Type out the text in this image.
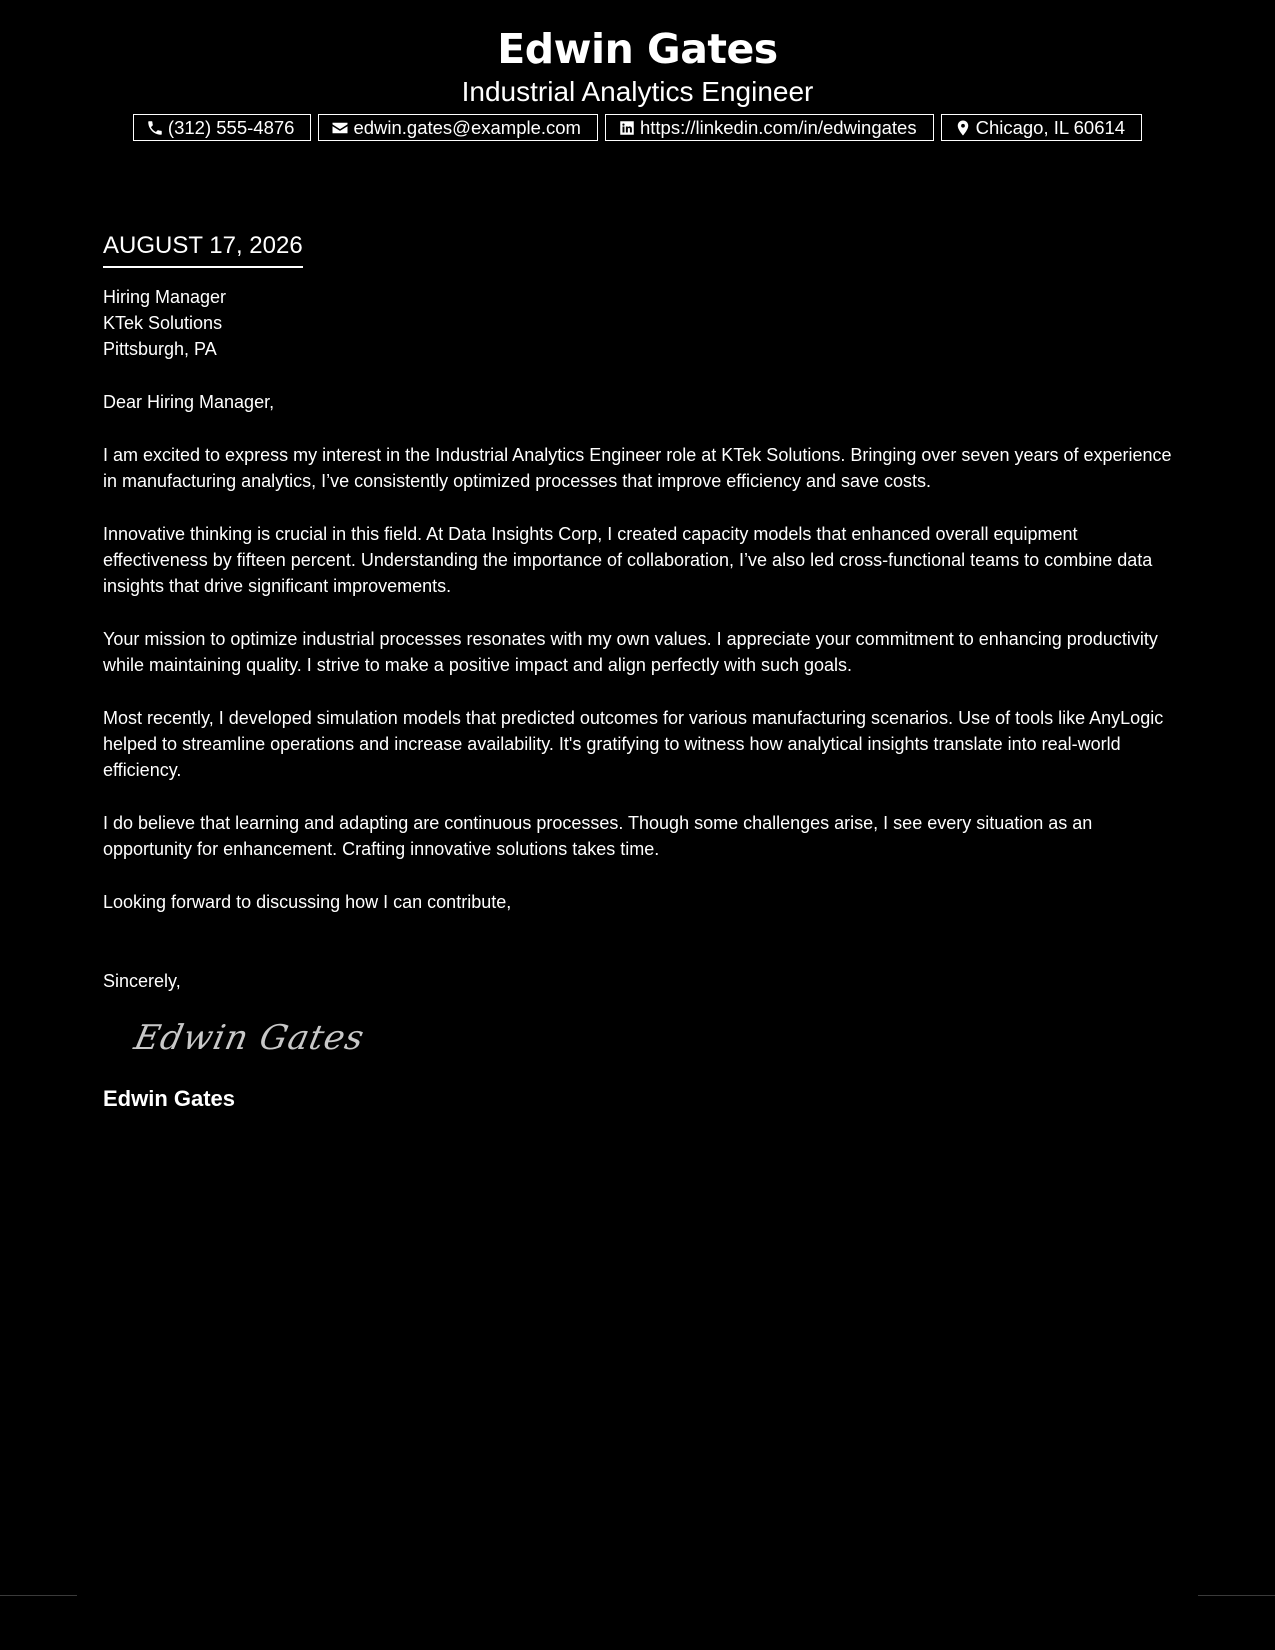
Edwin Gates
Industrial Analytics Engineer
(312) 555-4876	edwin.gates@example.com	https://linkedin.com/in/edwingates	Chicago, IL 60614
AUGUST 17, 2026
Hiring Manager
KTek Solutions
Pittsburgh, PA
Dear Hiring Manager,

I am excited to express my interest in the Industrial Analytics Engineer role at KTek Solutions. Bringing over seven years of experience in manufacturing analytics, I’ve consistently optimized processes that improve efficiency and save costs.

Innovative thinking is crucial in this field. At Data Insights Corp, I created capacity models that enhanced overall equipment effectiveness by fifteen percent. Understanding the importance of collaboration, I’ve also led cross-functional teams to combine data insights that drive significant improvements.

Your mission to optimize industrial processes resonates with my own values. I appreciate your commitment to enhancing productivity while maintaining quality. I strive to make a positive impact and align perfectly with such goals.

Most recently, I developed simulation models that predicted outcomes for various manufacturing scenarios. Use of tools like AnyLogic helped to streamline operations and increase availability. It's gratifying to witness how analytical insights translate into real-world efficiency.

I do believe that learning and adapting are continuous processes. Though some challenges arise, I see every situation as an opportunity for enhancement. Crafting innovative solutions takes time.

Looking forward to discussing how I can contribute,
Sincerely,
Edwin Gates
Edwin Gates
